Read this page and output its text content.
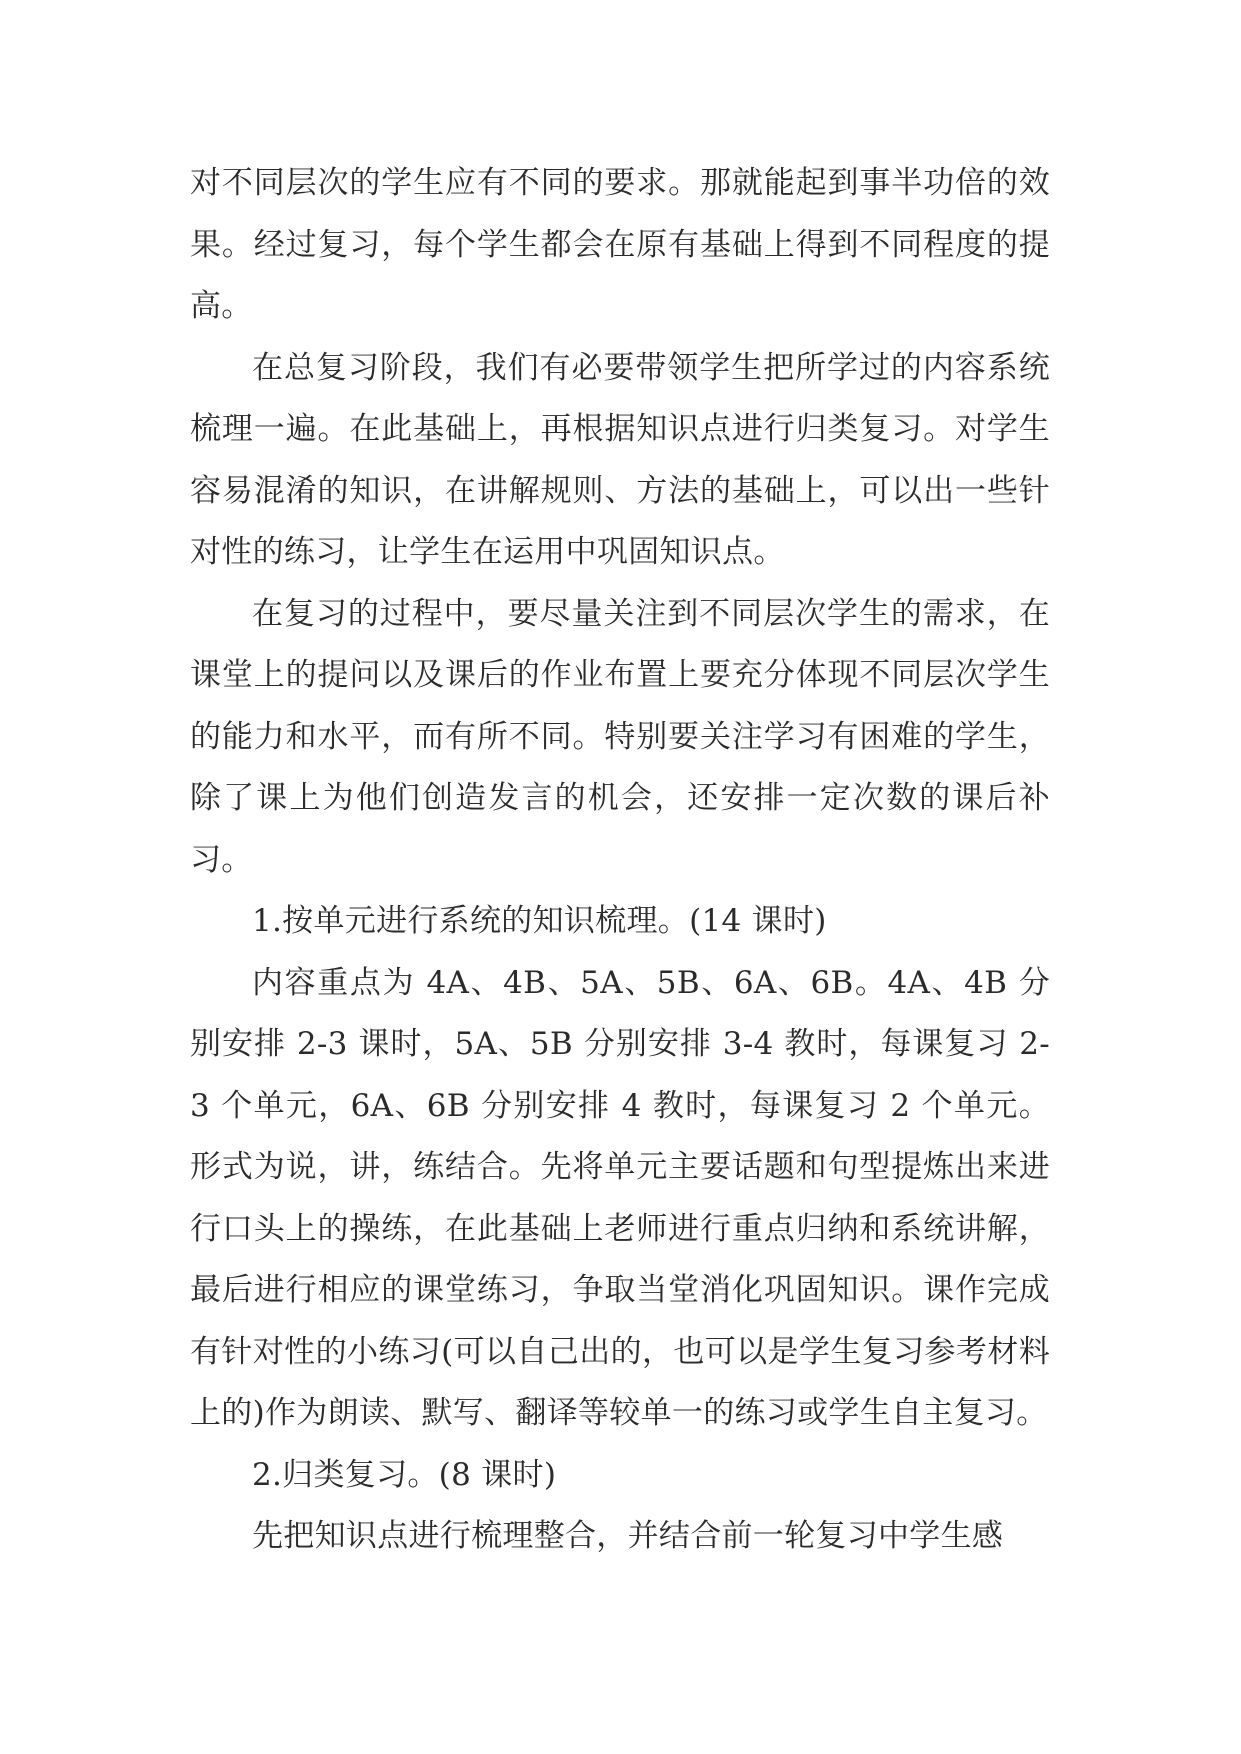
对不同层次的学生应有不同的要求。那就能起到事半功倍的效果。经过复习，每个学生都会在原有基础上得到不同程度的提高。

在总复习阶段，我们有必要带领学生把所学过的内容系统梳理一遍。在此基础上，再根据知识点进行归类复习。对学生容易混淆的知识，在讲解规则、方法的基础上，可以出一些针对性的练习，让学生在运用中巩固知识点。

在复习的过程中，要尽量关注到不同层次学生的需求，在课堂上的提问以及课后的作业布置上要充分体现不同层次学生的能力和水平，而有所不同。特别要关注学习有困难的学生，除了课上为他们创造发言的机会，还安排一定次数的课后补习。

1.按单元进行系统的知识梳理。(14 课时)

内容重点为 4A、4B、5A、5B、6A、6B。4A、4B 分别安排 2-3 课时，5A、5B 分别安排 3-4 教时，每课复习 2-3 个单元，6A、6B 分别安排 4 教时，每课复习 2 个单元。形式为说，讲，练结合。先将单元主要话题和句型提炼出来进行口头上的操练，在此基础上老师进行重点归纳和系统讲解，最后进行相应的课堂练习，争取当堂消化巩固知识。课作完成有针对性的小练习(可以自己出的，也可以是学生复习参考材料上的)作为朗读、默写、翻译等较单一的练习或学生自主复习。

2.归类复习。(8 课时)

先把知识点进行梳理整合，并结合前一轮复习中学生感
